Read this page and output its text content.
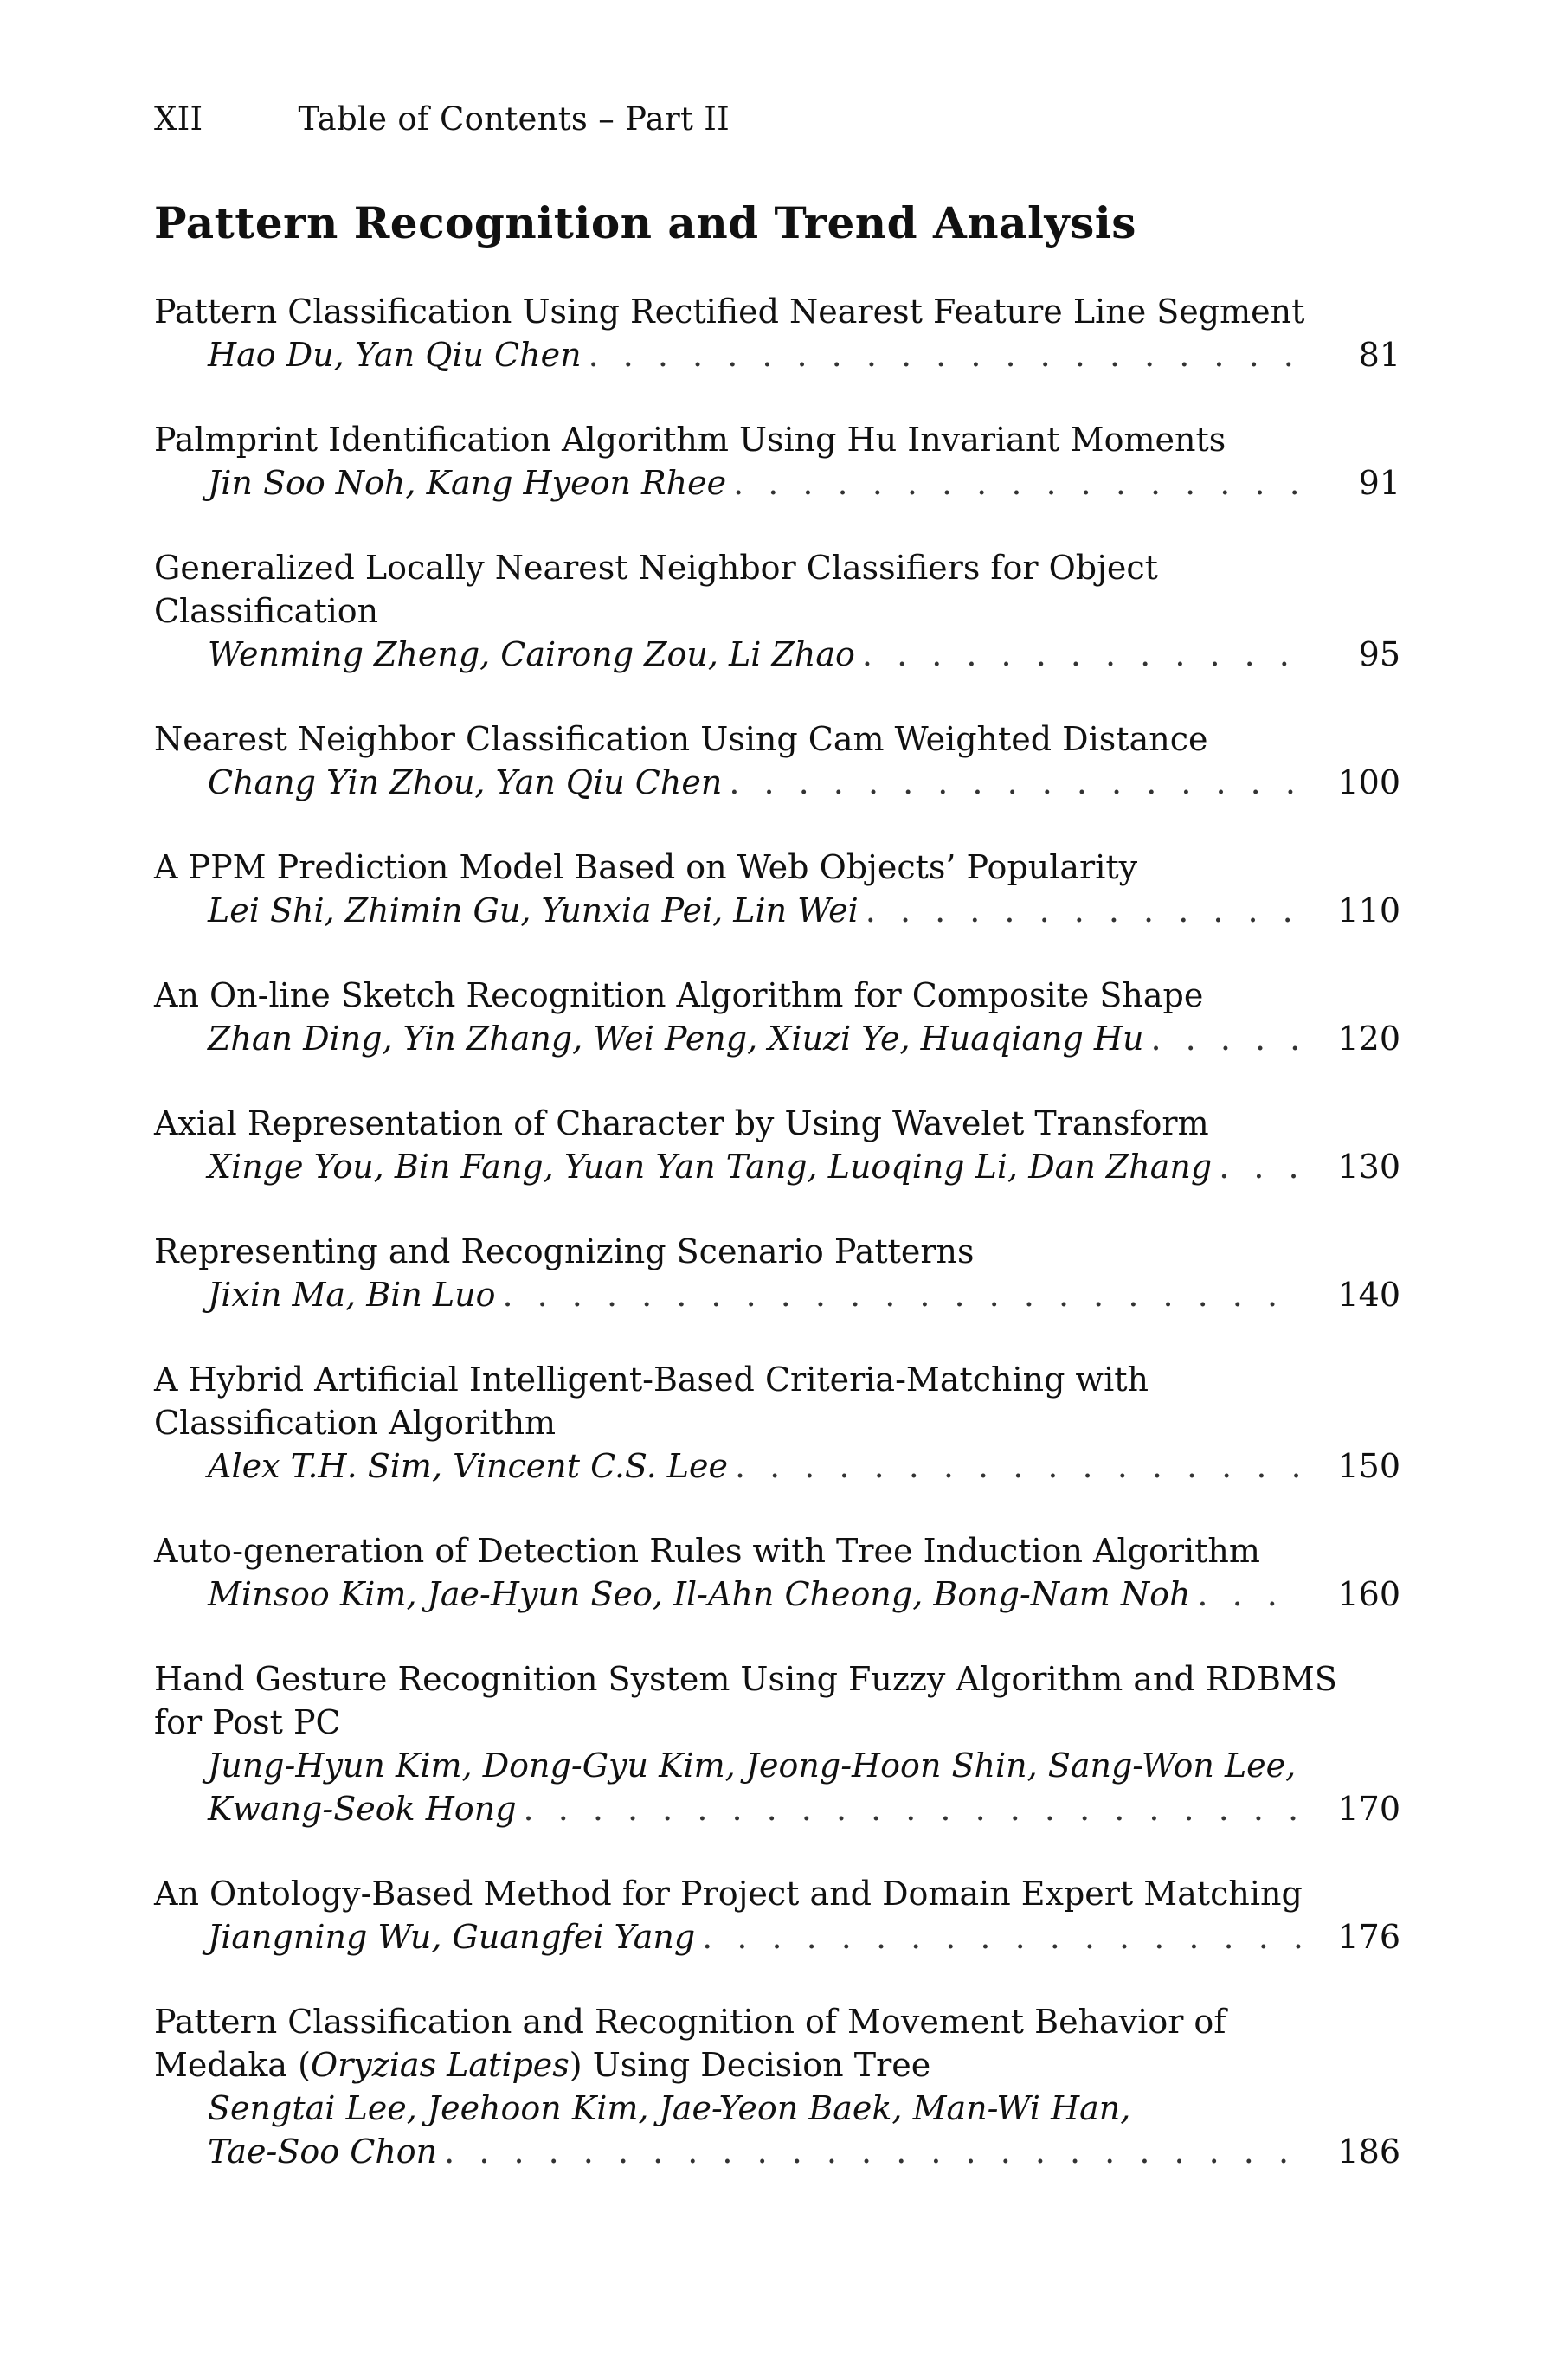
XII	Table of Contents – Part II
Pattern Recognition and Trend Analysis
Pattern Classification Using Rectified Nearest Feature Line Segment
Hao Du, Yan Qiu Chen . . .	81
Palmprint Identification Algorithm Using Hu Invariant Moments
Jin Soo Noh, Kang Hyeon Rhee . . .	91
Generalized Locally Nearest Neighbor Classifiers for Object
Classification
Wenming Zheng, Cairong Zou, Li Zhao . . .	95
Nearest Neighbor Classification Using Cam Weighted Distance
Chang Yin Zhou, Yan Qiu Chen . . .	100
A PPM Prediction Model Based on Web Objects’ Popularity
Lei Shi, Zhimin Gu, Yunxia Pei, Lin Wei . . .	110
An On-line Sketch Recognition Algorithm for Composite Shape
Zhan Ding, Yin Zhang, Wei Peng, Xiuzi Ye, Huaqiang Hu . . .	120
Axial Representation of Character by Using Wavelet Transform
Xinge You, Bin Fang, Yuan Yan Tang, Luoqing Li, Dan Zhang . . .	130
Representing and Recognizing Scenario Patterns
Jixin Ma, Bin Luo . . .	140
A Hybrid Artificial Intelligent-Based Criteria-Matching with
Classification Algorithm
Alex T.H. Sim, Vincent C.S. Lee . . .	150
Auto-generation of Detection Rules with Tree Induction Algorithm
Minsoo Kim, Jae-Hyun Seo, Il-Ahn Cheong, Bong-Nam Noh . . .	160
Hand Gesture Recognition System Using Fuzzy Algorithm and RDBMS
for Post PC
Jung-Hyun Kim, Dong-Gyu Kim, Jeong-Hoon Shin, Sang-Won Lee,
Kwang-Seok Hong . . .	170
An Ontology-Based Method for Project and Domain Expert Matching
Jiangning Wu, Guangfei Yang . . .	176
Pattern Classification and Recognition of Movement Behavior of
Medaka (Oryzias Latipes) Using Decision Tree
Sengtai Lee, Jeehoon Kim, Jae-Yeon Baek, Man-Wi Han,
Tae-Soo Chon . . .	186
